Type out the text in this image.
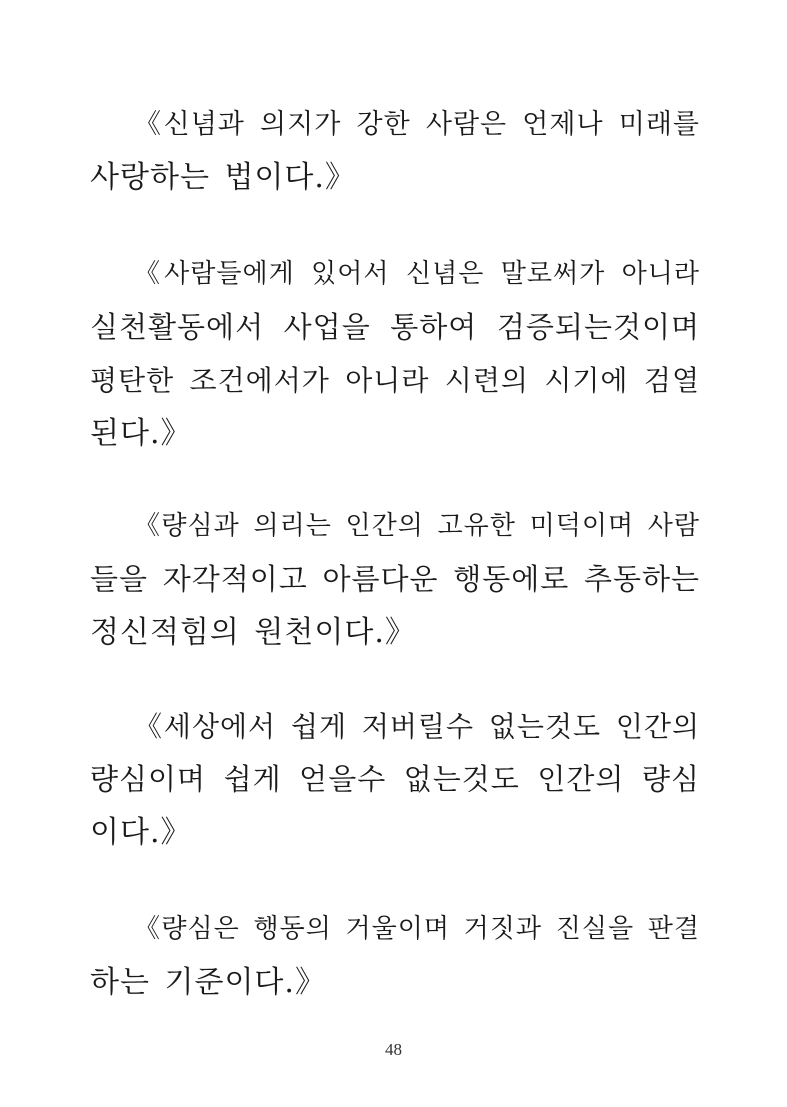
《신념과 의지가 강한 사람은 언제나 미래를
사랑하는 법이다.》
《사람들에게 있어서 신념은 말로써가 아니라
실천활동에서 사업을 통하여 검증되는것이며
평탄한 조건에서가 아니라 시련의 시기에 검열
된다.》
《량심과 의리는 인간의 고유한 미덕이며 사람
들을 자각적이고 아름다운 행동에로 추동하는
정신적힘의 원천이다.》
《세상에서 쉽게 저버릴수 없는것도 인간의
량심이며 쉽게 얻을수 없는것도 인간의 량심
이다.》
《량심은 행동의 거울이며 거짓과 진실을 판결
하는 기준이다.》
48
